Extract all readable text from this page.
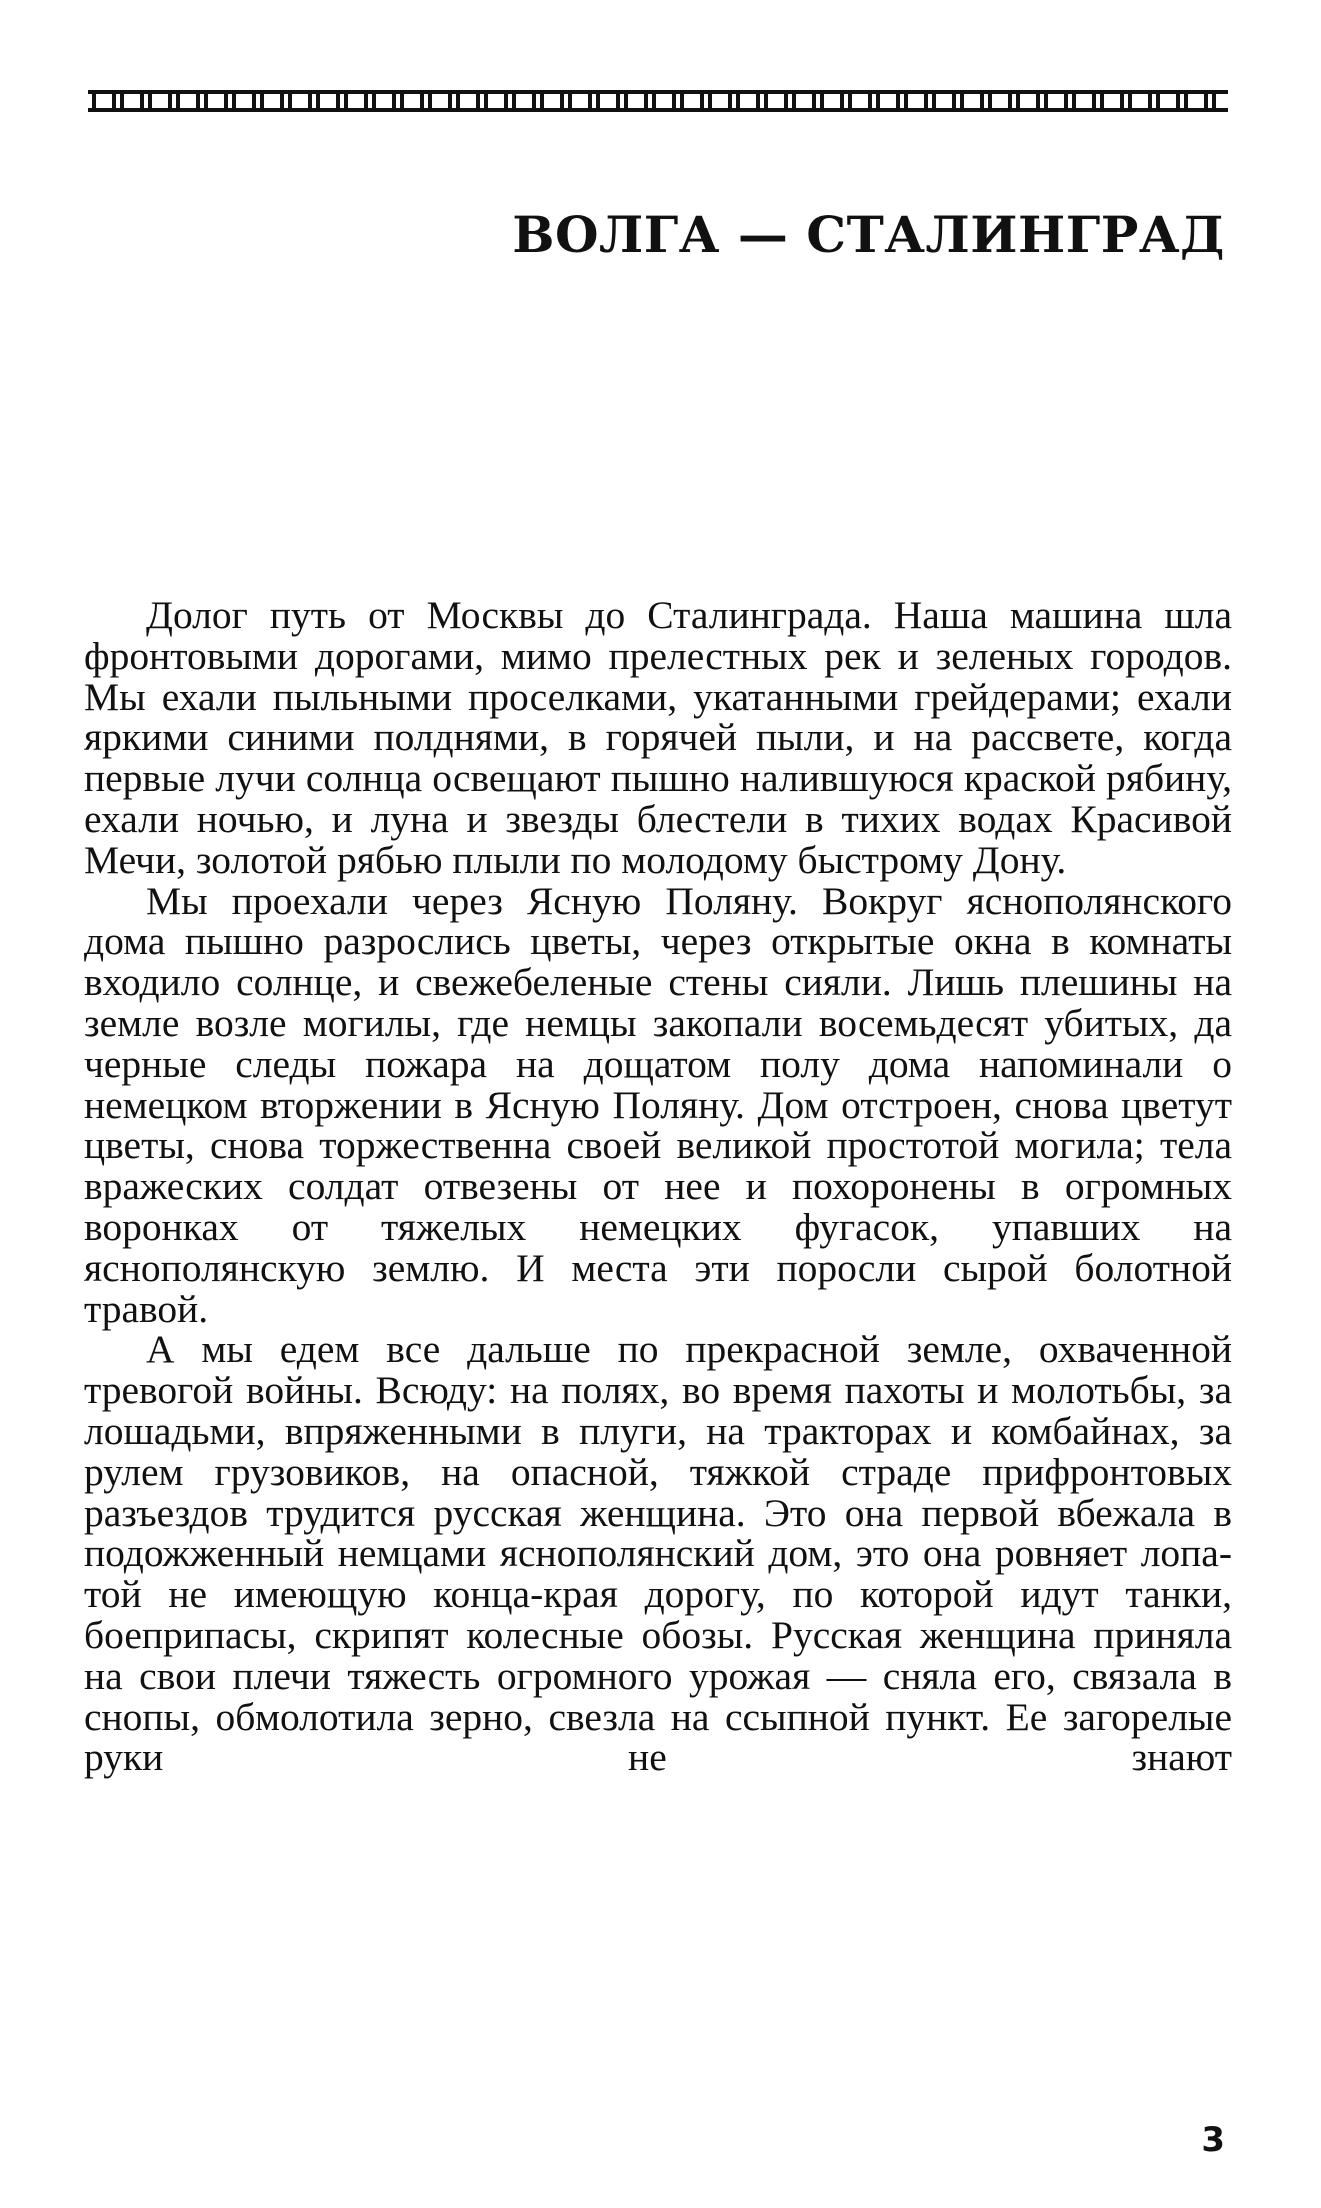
ВОЛГА — СТАЛИНГРАД

Долог путь от Москвы до Сталинграда. Наша машина шла фронтовыми дорогами, мимо прелестных рек и зеленых городов. Мы ехали пыльными проселками, укатанными грейдерами; ехали яркими синими полднями, в горячей пыли, и на рассвете, когда первые лучи солнца освещают пышно налившуюся краской рябину, ехали ночью, и луна и звезды блестели в тихих водах Красивой Мечи, золотой рябью плыли по молодому быстрому Дону.

Мы проехали через Ясную Поляну. Вокруг яснополянского дома пышно разрослись цветы, через открытые окна в комнаты входило солнце, и свежебеленые стены сияли. Лишь плешины на земле возле могилы, где немцы закопали восемьдесят убитых, да черные следы пожара на дощатом полу дома напоминали о немецком вторжении в Ясную Поляну. Дом отстроен, снова цветут цветы, снова торжественна своей великой простотой могила; тела вражеских солдат отвезены от нее и похоронены в огромных воронках от тяжелых немецких фугасок, упавших на яснополянскую землю. И места эти поросли сырой болотной травой.

А мы едем все дальше по прекрасной земле, охваченной тревогой войны. Всюду: на полях, во время пахоты и молотьбы, за лошадьми, впряженными в плуги, на тракторах и комбайнах, за рулем грузовиков, на опасной, тяжкой страде прифронтовых разъездов трудится русская женщина. Это она первой вбежала в подожженный немцами яснополянский дом, это она ровняет лопатой не имеющую конца-края дорогу, по которой идут танки, боеприпасы, скрипят колесные обозы. Русская женщина приняла на свои плечи тяжесть огромного урожая — сняла его, связала в снопы, обмолотила зерно, свезла на ссыпной пункт. Ее загорелые руки не знают

3
